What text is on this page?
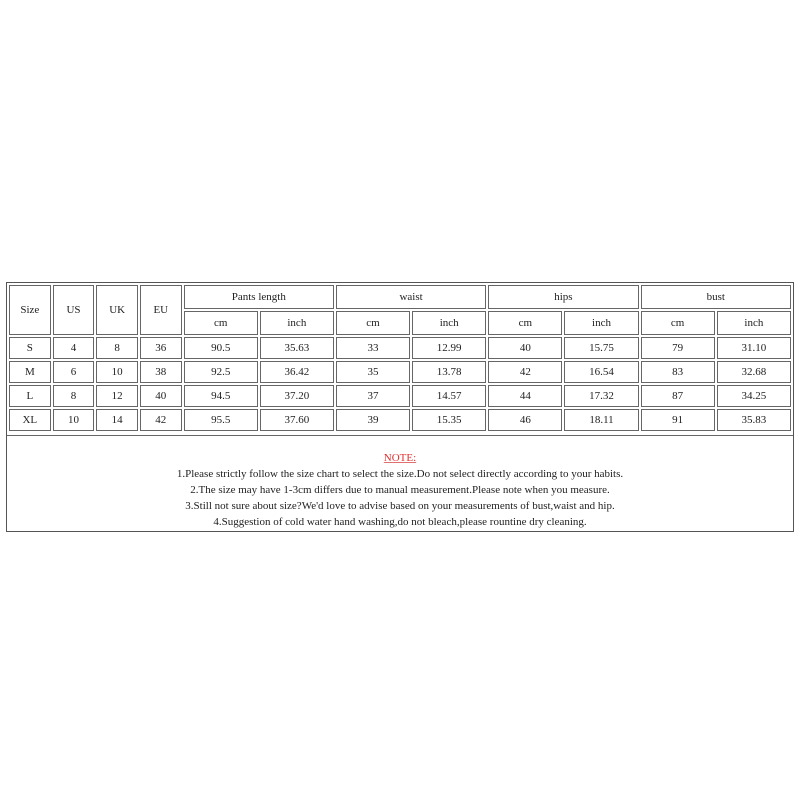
Size	US	UK	EU	Pants length		waist		hips		bust	
				cm	inch	cm	inch	cm	inch	cm	inch
S	4	8	36	90.5	35.63	33	12.99	40	15.75	79	31.10
M	6	10	38	92.5	36.42	35	13.78	42	16.54	83	32.68
L	8	12	40	94.5	37.20	37	14.57	44	17.32	87	34.25
XL	10	14	42	95.5	37.60	39	15.35	46	18.11	91	35.83
NOTE:
1.Please strictly follow the size chart to select the size.Do not select directly according to your habits.
2.The size may have 1-3cm differs due to manual measurement.Please note when you measure.
3.Still not sure about size?We'd love to advise based on your measurements of bust,waist and hip.
4.Suggestion of cold water hand washing,do not bleach,please rountine dry cleaning.
